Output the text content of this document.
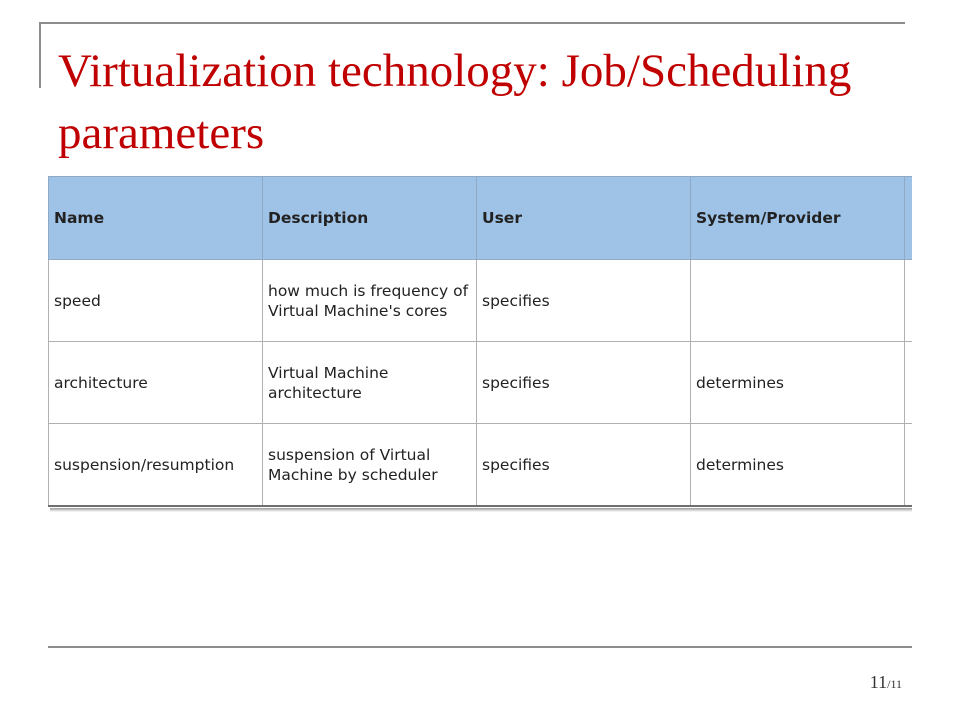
Virtualization technology: Job/Scheduling parameters
Name	Description	User	System/Provider	
speed	how much is frequency of Virtual Machine's cores	specifies		
architecture	Virtual Machine architecture	specifies	determines	
suspension/resumption	suspension of Virtual Machine by scheduler	specifies	determines	
11/11
